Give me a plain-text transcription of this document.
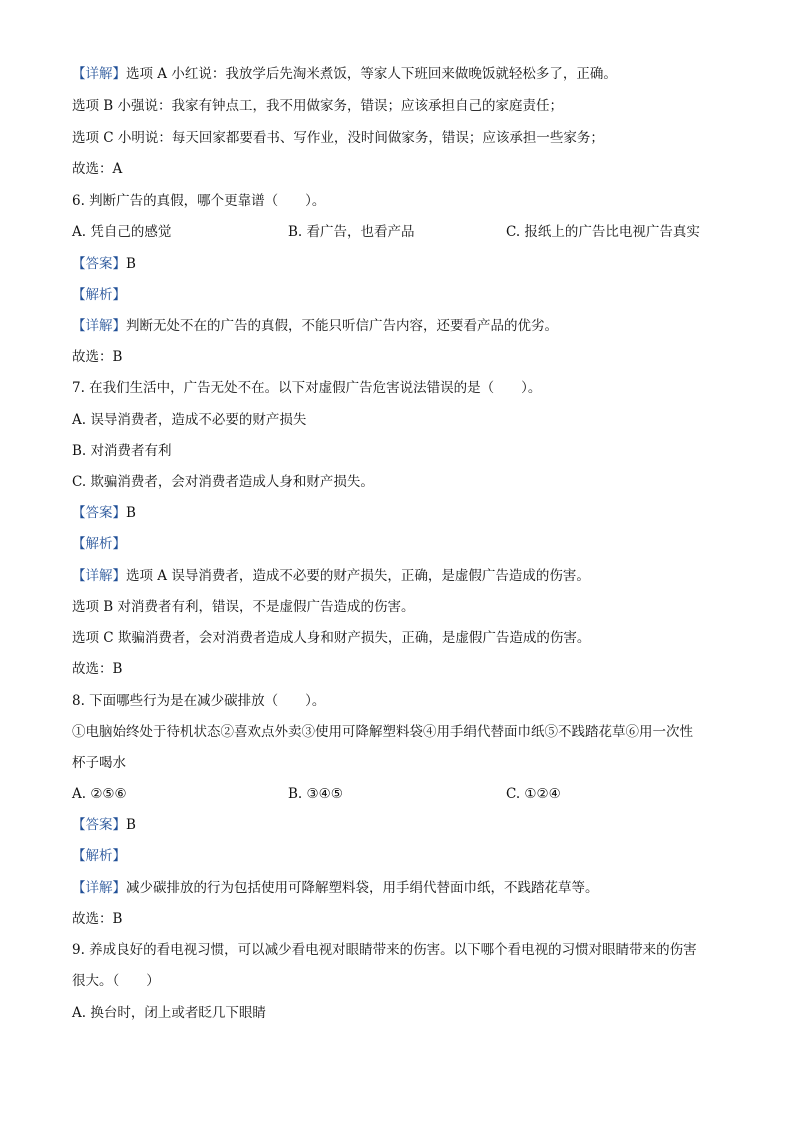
【详解】选项 A 小红说：我放学后先淘米煮饭，等家人下班回来做晚饭就轻松多了，正确。
选项 B 小强说：我家有钟点工，我不用做家务，错误；应该承担自己的家庭责任；
选项 C 小明说：每天回家都要看书、写作业，没时间做家务，错误；应该承担一些家务；
故选：A
6. 判断广告的真假，哪个更靠谱（　　）。
A. 凭自己的感觉	B. 看广告，也看产品	C. 报纸上的广告比电视广告真实
【答案】B
【解析】
【详解】判断无处不在的广告的真假，不能只听信广告内容，还要看产品的优劣。
故选：B
7. 在我们生活中，广告无处不在。以下对虚假广告危害说法错误的是（　　）。
A. 误导消费者，造成不必要的财产损失
B. 对消费者有利
C. 欺骗消费者，会对消费者造成人身和财产损失。
【答案】B
【解析】
【详解】选项 A 误导消费者，造成不必要的财产损失，正确，是虚假广告造成的伤害。
选项 B 对消费者有利，错误，不是虚假广告造成的伤害。
选项 C 欺骗消费者，会对消费者造成人身和财产损失，正确，是虚假广告造成的伤害。
故选：B
8. 下面哪些行为是在减少碳排放（　　）。
①电脑始终处于待机状态②喜欢点外卖③使用可降解塑料袋④用手绢代替面巾纸⑤不践踏花草⑥用一次性
杯子喝水
A. ②⑤⑥	B. ③④⑤	C. ①②④
【答案】B
【解析】
【详解】减少碳排放的行为包括使用可降解塑料袋，用手绢代替面巾纸，不践踏花草等。
故选：B
9. 养成良好的看电视习惯，可以减少看电视对眼睛带来的伤害。以下哪个看电视的习惯对眼睛带来的伤害
很大。（　　）
A. 换台时，闭上或者眨几下眼睛
